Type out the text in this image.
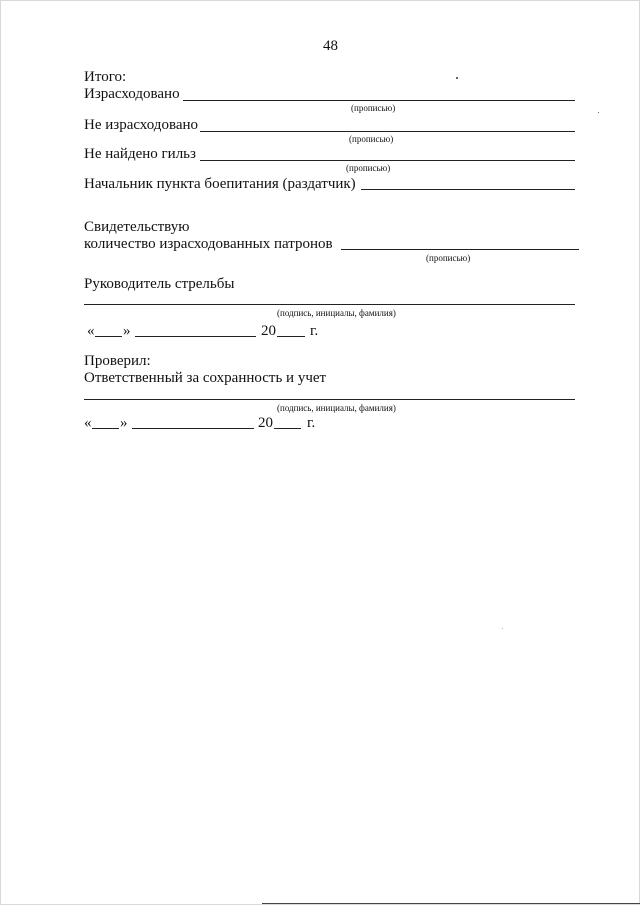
48
Итого:
Израсходовано
(прописью)
Не израсходовано
(прописью)
Не найдено гильз
(прописью)
Начальник пункта боепитания (раздатчик)
Свидетельствую
количество израсходованных патронов
(прописью)
Руководитель стрельбы
(подпись, инициалы, фамилия)
« »	20 г.
Проверил:
Ответственный за сохранность и учет
(подпись, инициалы, фамилия)
« »	20 г.
